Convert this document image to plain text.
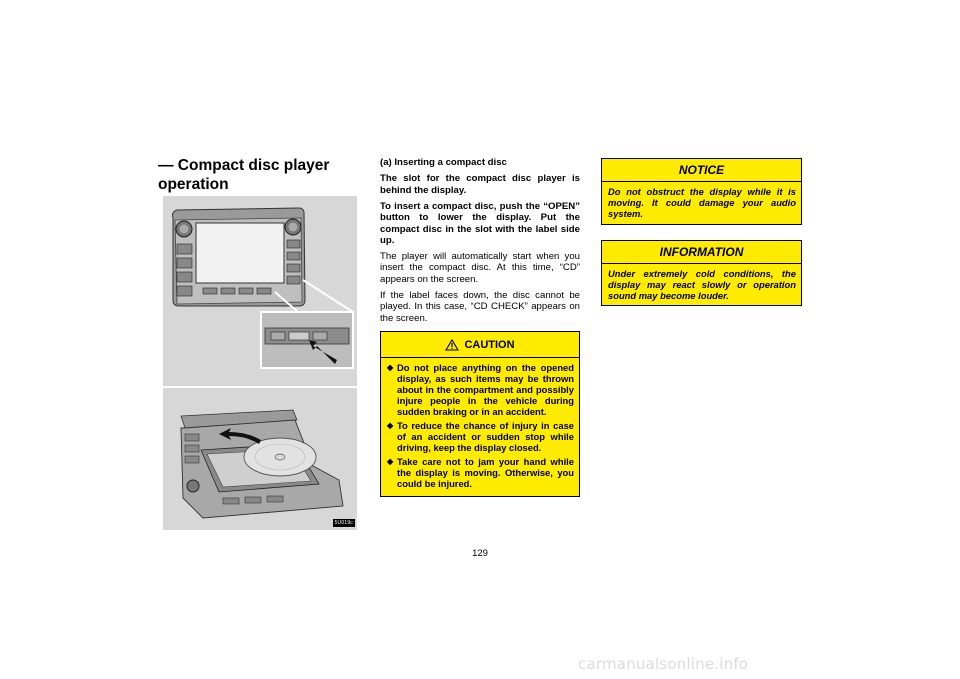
— Compact disc player operation
5U019c

(a) Inserting a compact disc

The slot for the compact disc player is behind the display.

To insert a compact disc, push the “OPEN” button to lower the display. Put the compact disc in the slot with the label side up.

The player will automatically start when you insert the compact disc. At this time, “CD” appears on the screen.

If the label faces down, the disc cannot be played. In this case, “CD CHECK” appears on the screen.

CAUTION
◆ Do not place anything on the opened display, as such items may be thrown about in the compartment and possibly injure people in the vehicle during sudden braking or in an accident.
◆ To reduce the chance of injury in case of an accident or sudden stop while driving, keep the display closed.
◆ Take care not to jam your hand while the display is moving. Otherwise, you could be injured.
NOTICE
Do not obstruct the display while it is moving. It could damage your audio system.
INFORMATION
Under extremely cold conditions, the display may react slowly or operation sound may become louder.
129
carmanualsonline.info
